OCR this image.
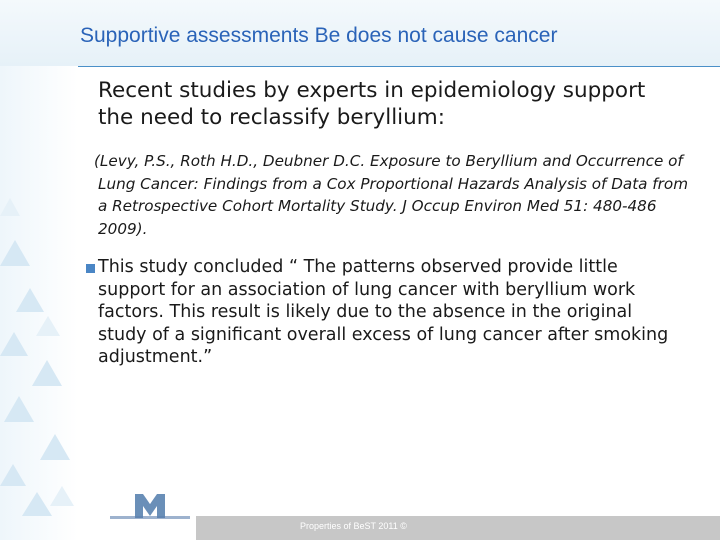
Supportive assessments Be does not cause cancer
Recent studies by experts in epidemiology support the need to reclassify beryllium:
(Levy, P.S., Roth H.D., Deubner D.C. Exposure to Beryllium and Occurrence of Lung Cancer: Findings from a Cox Proportional Hazards Analysis of Data from a Retrospective Cohort Mortality Study. J Occup Environ Med 51: 480-486 2009).
This study concluded “ The patterns observed provide little support for an association of lung cancer with beryllium work factors. This result is likely due to the absence in the original study of a significant overall excess of lung cancer after smoking adjustment.”
Properties of BeST 2011 ©
